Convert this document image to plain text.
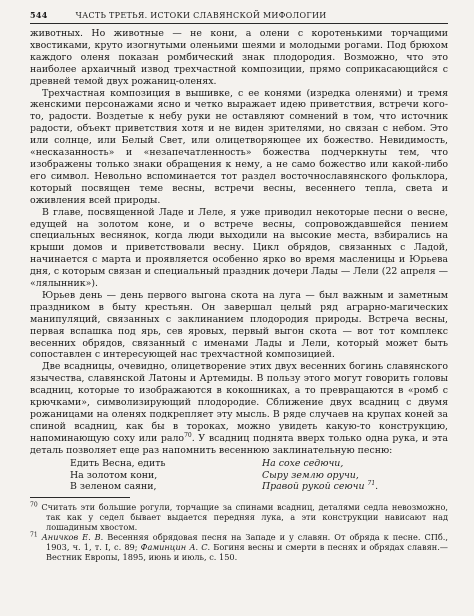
544	ЧАСТЬ ТРЕТЬЯ. ИСТОКИ СЛАВЯНСКОЙ МИФОЛОГИИ

животных. Но животные — не кони, а олени с коротенькими торчащими хвостиками, круто изогнутыми оленьими шеями и молодыми рогами. Под брюхом каждого оленя показан ромбический знак плодородия. Возможно, что это наиболее архаичный извод трехчастной композиции, прямо соприкасающийся с древней темой двух рожаниц-оленях.

Трехчастная композиция в вышивке, с ее конями (изредка оленями) и тремя женскими персонажами ясно и четко выражает идею приветствия, встречи кого-то, радости. Воздетые к небу руки не оставляют сомнений в том, что источник радости, объект приветствия хотя и не виден зрителями, но связан с небом. Это или солнце, или Белый Свет, или олицетворяющее их божество. Невидимость, «несказанность» и «незапечатленность» божества подчеркнуты тем, что изображены только знаки обращения к нему, а не само божество или какой-либо его символ. Невольно вспоминается тот раздел восточнославянского фольклора, который посвящен теме весны, встречи весны, весеннего тепла, света и оживления всей природы.

В главе, посвященной Ладе и Леле, я уже приводил некоторые песни о весне, едущей на золотом коне, и о встрече весны, сопровождавшейся пением специальных веснянок, когда люди выходили на высокие места, взбирались на крыши домов и приветствовали весну. Цикл обрядов, связанных с Ладой, начинается с марта и проявляется особенно ярко во время масленицы и Юрьева дня, с которым связан и специальный праздник дочери Лады — Лели (22 апреля — «лялынник»).

Юрьев день — день первого выгона скота на луга — был важным и заметным праздником в быту крестьян. Он завершал целый ряд аграрно-магических манипуляций, связанных с заклинанием плодородия природы. Встреча весны, первая вспашка под ярь, сев яровых, первый выгон скота — вот тот комплекс весенних обрядов, связанный с именами Лады и Лели, который может быть сопоставлен с интересующей нас трехчастной композицией.

Две всадницы, очевидно, олицетворение этих двух весенних богинь славянского язычества, славянской Латоны и Артемиды. В пользу этого могут говорить головы всадниц, которые то изображаются в кокошниках, а то превращаются в «ромб с крючками», символизирующий плодородие. Сближение двух всадниц с двумя рожаницами на оленях подкрепляет эту мысль. В ряде случаев на крупах коней за спиной всадниц, как бы в тороках, можно увидеть какую-то конструкцию, напоминающую соху или рало$^{70}$. У всадниц поднята вверх только одна рука, и эта деталь позволяет еще раз напомнить весеннюю заклинательную песню:

Едить Весна, едить
На золотом кони,
В зеленом саяни,
На сохе седючи,
Сыру землю оручи,
Правой рукой сеючи $^{71}$.

$^{70}$ Считать эти большие рогули, торчащие за спинами всадниц, деталями седла невозможно, так как у седел бывает выдается передняя лука, а эти конструкции нависают над лошадиным хвостом.

$^{71}$ Аничков Е. В. Весенняя обрядовая песня на Западе и у славян. От обряда к песне. СПб., 1903, ч. 1, т. I, с. 89; Фаминцин А. С. Богиня весны и смерти в песнях и обрядах славян.— Вестник Европы, 1895, июнь и июль, с. 150.
